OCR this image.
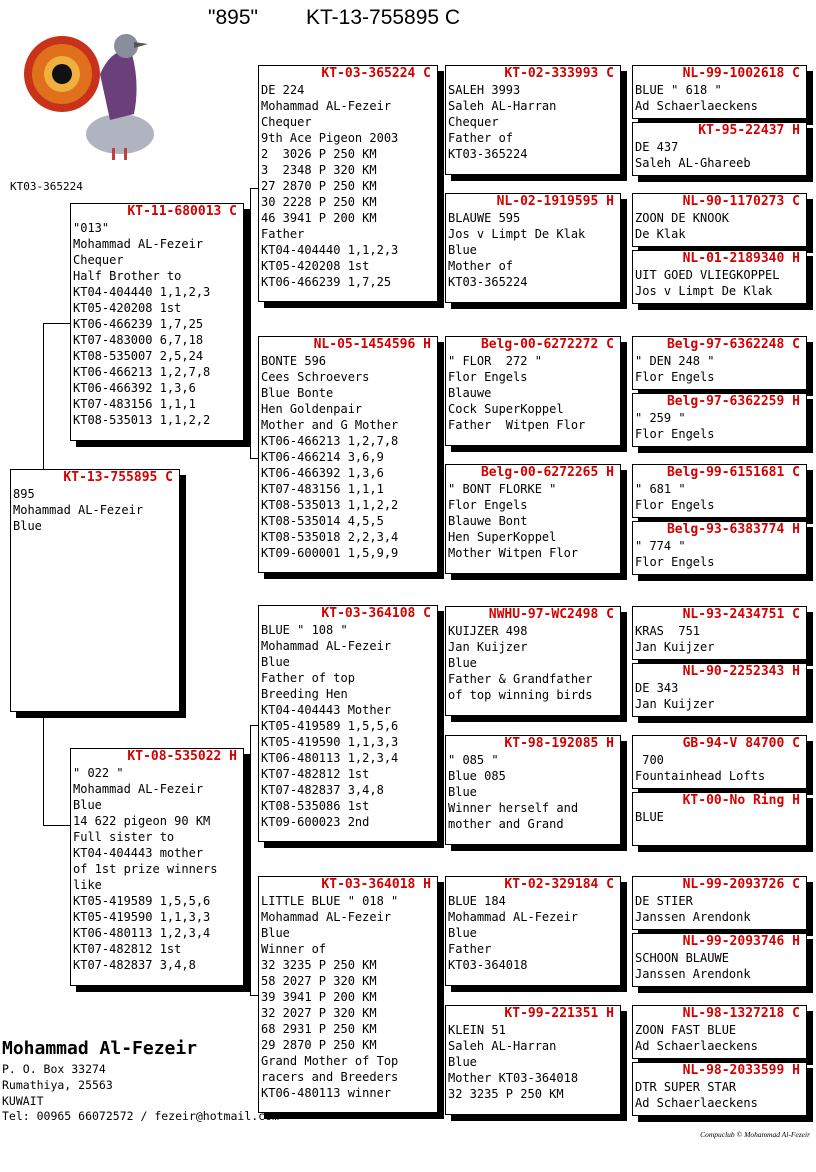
"895" KT-13-755895 C
KT03-365224
KT-13-755895 C
895
Mohammad AL-Fezeir
Blue
KT-11-680013 C
"013"
Mohammad AL-Fezeir
Chequer
Half Brother to
KT04-404440 1,1,2,3
KT05-420208 1st
KT06-466239 1,7,25
KT07-483000 6,7,18
KT08-535007 2,5,24
KT06-466213 1,2,7,8
KT06-466392 1,3,6
KT07-483156 1,1,1
KT08-535013 1,1,2,2
KT-08-535022 H
" 022 "
Mohammad AL-Fezeir
Blue
14 622 pigeon 90 KM
Full sister to
KT04-404443 mother
of 1st prize winners
like
KT05-419589 1,5,5,6
KT05-419590 1,1,3,3
KT06-480113 1,2,3,4
KT07-482812 1st
KT07-482837 3,4,8
KT-03-365224 C
DE 224
Mohammad AL-Fezeir
Chequer
9th Ace Pigeon 2003
2  3026 P 250 KM
3  2348 P 320 KM
27 2870 P 250 KM
30 2228 P 250 KM
46 3941 P 200 KM
Father
KT04-404440 1,1,2,3
KT05-420208 1st
KT06-466239 1,7,25
NL-05-1454596 H
BONTE 596
Cees Schroevers
Blue Bonte
Hen Goldenpair
Mother and G Mother
KT06-466213 1,2,7,8
KT06-466214 3,6,9
KT06-466392 1,3,6
KT07-483156 1,1,1
KT08-535013 1,1,2,2
KT08-535014 4,5,5
KT08-535018 2,2,3,4
KT09-600001 1,5,9,9
KT-03-364108 C
BLUE " 108 "
Mohammad AL-Fezeir
Blue
Father of top
Breeding Hen
KT04-404443 Mother
KT05-419589 1,5,5,6
KT05-419590 1,1,3,3
KT06-480113 1,2,3,4
KT07-482812 1st
KT07-482837 3,4,8
KT08-535086 1st
KT09-600023 2nd
KT-03-364018 H
LITTLE BLUE " 018 "
Mohammad AL-Fezeir
Blue
Winner of
32 3235 P 250 KM
58 2027 P 320 KM
39 3941 P 200 KM
32 2027 P 320 KM
68 2931 P 250 KM
29 2870 P 250 KM
Grand Mother of Top
racers and Breeders
KT06-480113 winner
KT-02-333993 C
SALEH 3993
Saleh AL-Harran
Chequer
Father of
KT03-365224
NL-02-1919595 H
BLAUWE 595
Jos v Limpt De Klak
Blue
Mother of
KT03-365224
Belg-00-6272272 C
" FLOR  272 "
Flor Engels
Blauwe
Cock SuperKoppel
Father  Witpen Flor
Belg-00-6272265 H
" BONT FLORKE "
Flor Engels
Blauwe Bont
Hen SuperKoppel
Mother Witpen Flor
NWHU-97-WC2498 C
KUIJZER 498
Jan Kuijzer
Blue
Father & Grandfather
of top winning birds
KT-98-192085 H
" 085 "
Blue 085
Blue
Winner herself and
mother and Grand
KT-02-329184 C
BLUE 184
Mohammad AL-Fezeir
Blue
Father
KT03-364018
KT-99-221351 H
KLEIN 51
Saleh AL-Harran
Blue
Mother KT03-364018
32 3235 P 250 KM
NL-99-1002618 C
BLUE " 618 "
Ad Schaerlaeckens
KT-95-22437 H
DE 437
Saleh AL-Ghareeb
NL-90-1170273 C
ZOON DE KNOOK
De Klak
NL-01-2189340 H
UIT GOED VLIEGKOPPEL
Jos v Limpt De Klak
Belg-97-6362248 C
" DEN 248 "
Flor Engels
Belg-97-6362259 H
" 259 "
Flor Engels
Belg-99-6151681 C
" 681 "
Flor Engels
Belg-93-6383774 H
" 774 "
Flor Engels
NL-93-2434751 C
KRAS  751
Jan Kuijzer
NL-90-2252343 H
DE 343
Jan Kuijzer
GB-94-V 84700 C
700
Fountainhead Lofts
KT-00-No Ring H
BLUE
NL-99-2093726 C
DE STIER
Janssen Arendonk
NL-99-2093746 H
SCHOON BLAUWE
Janssen Arendonk
NL-98-1327218 C
ZOON FAST BLUE
Ad Schaerlaeckens
NL-98-2033599 H
DTR SUPER STAR
Ad Schaerlaeckens
Mohammad Al-Fezeir
P. O. Box 33274
Rumathiya, 25563
KUWAIT
Tel: 00965 66072572 / fezeir@hotmail.com
Compuclub © Mohammad Al-Fezeir
